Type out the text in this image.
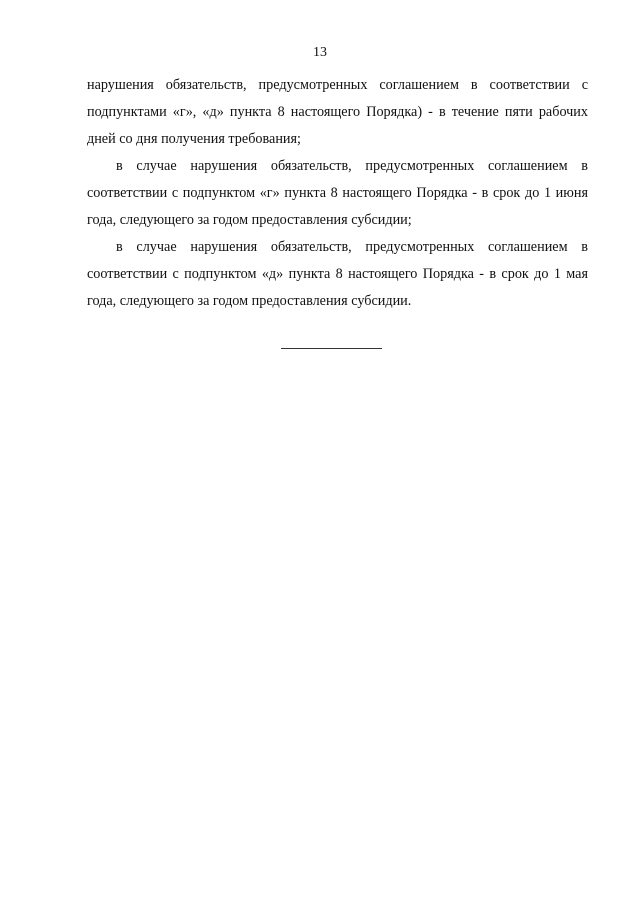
13

нарушения обязательств, предусмотренных соглашением в соответствии с подпунктами «г», «д» пункта 8 настоящего Порядка) - в течение пяти рабочих дней со дня получения требования;

в случае нарушения обязательств, предусмотренных соглашением в соответствии с подпунктом «г» пункта 8 настоящего Порядка - в срок до 1 июня года, следующего за годом предоставления субсидии;

в случае нарушения обязательств, предусмотренных соглашением в соответствии с подпунктом «д» пункта 8 настоящего Порядка - в срок до 1 мая года, следующего за годом предоставления субсидии.
